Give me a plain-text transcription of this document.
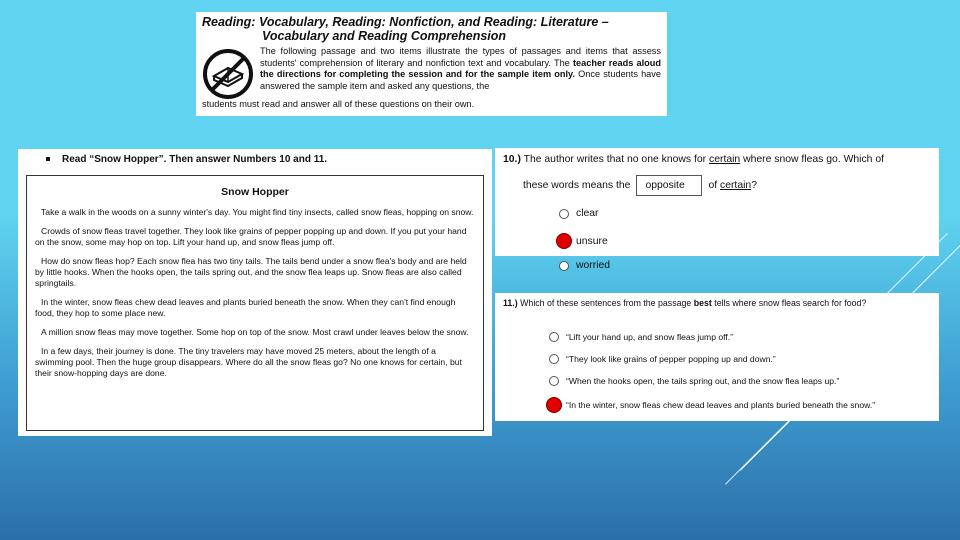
Reading: Vocabulary, Reading: Nonfiction, and Reading: Literature –
Vocabulary and Reading Comprehension
The following passage and two items illustrate the types of passages and items that assess students' comprehension of literary and nonfiction text and vocabulary. The teacher reads aloud the directions for completing the session and for the sample item only. Once students have answered the sample item and asked any questions, the
students must read and answer all of these questions on their own.
Read “Snow Hopper”. Then answer Numbers 10 and 11.
Snow Hopper

Take a walk in the woods on a sunny winter's day. You might find tiny insects, called snow fleas, hopping on snow.

Crowds of snow fleas travel together. They look like grains of pepper popping up and down. If you put your hand on the snow, some may hop on top. Lift your hand up, and snow fleas jump off.

How do snow fleas hop? Each snow flea has two tiny tails. The tails bend under a snow flea's body and are held by little hooks. When the hooks open, the tails spring out, and the snow flea leaps up. Snow fleas are also called springtails.

In the winter, snow fleas chew dead leaves and plants buried beneath the snow. When they can't find enough food, they hop to some place new.

A million snow fleas may move together. Some hop on top of the snow. Most crawl under leaves below the snow.

In a few days, their journey is done. The tiny travelers may have moved 25 meters, about the length of a swimming pool. Then the huge group disappears. Where do all the snow fleas go? No one knows for certain, but their snow-hopping days are done.

10.) The author writes that no one knows for certain where snow fleas go. Which of
these words means the	opposite	of
certain ?
clear
unsure
worried
11.) Which of these sentences from the passage best tells where snow fleas search for food?
“Lift your hand up, and snow fleas jump off.”
“They look like grains of pepper popping up and down.”
“When the hooks open, the tails spring out, and the snow flea leaps up.”
“In the winter, snow fleas chew dead leaves and plants buried beneath the snow.”
